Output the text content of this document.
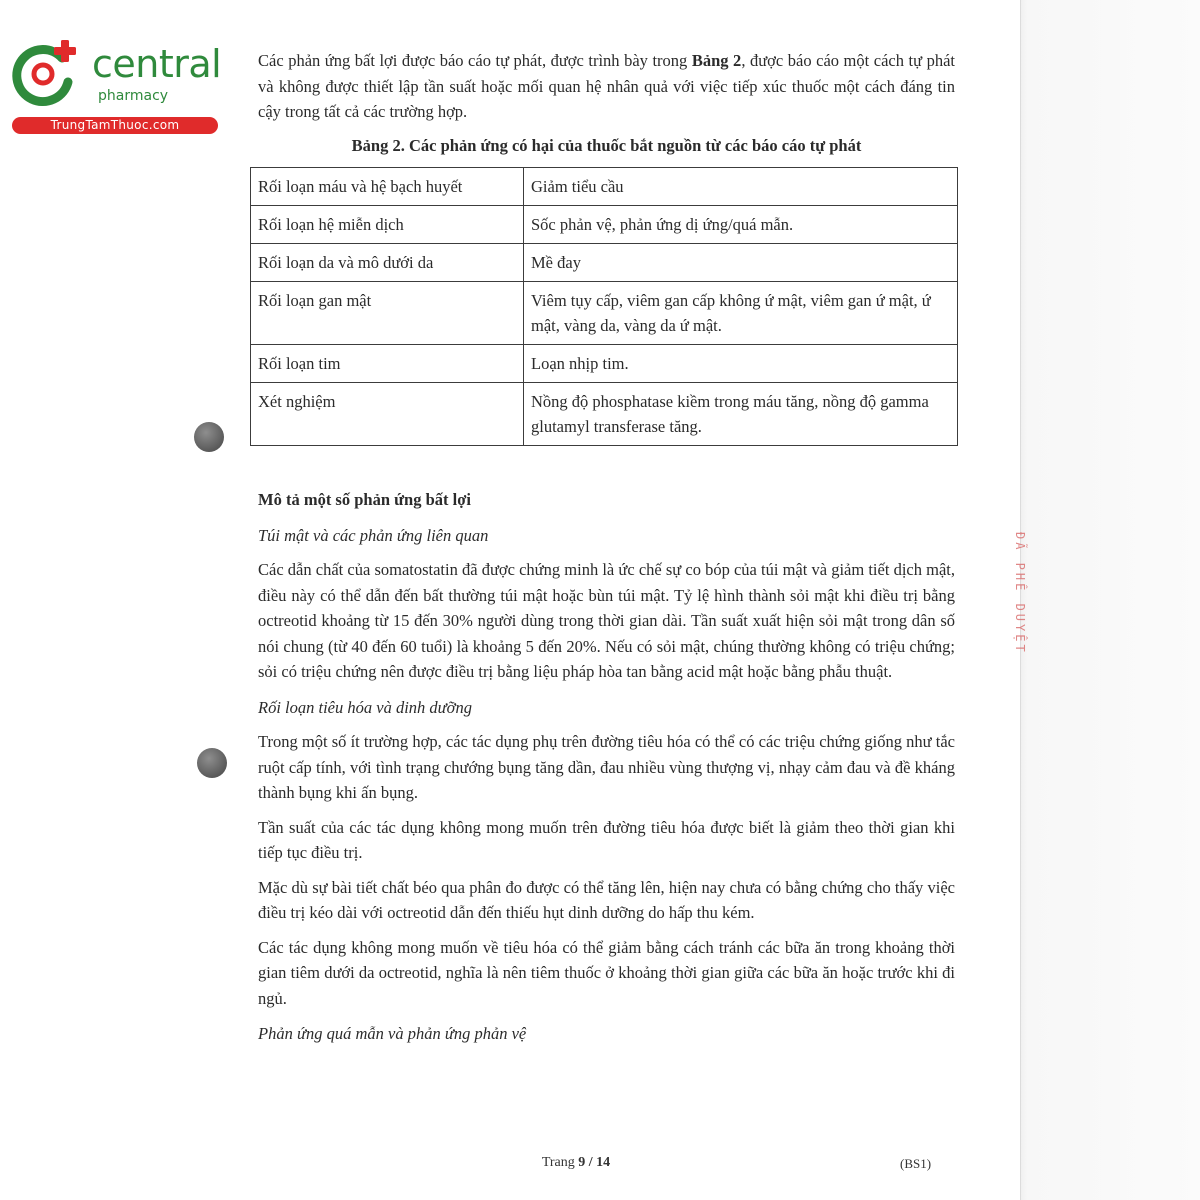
central

pharmacy
TrungTamThuoc.com

Các phản ứng bất lợi được báo cáo tự phát, được trình bày trong Bảng 2, được báo cáo một cách tự phát và không được thiết lập tần suất hoặc mối quan hệ nhân quả với việc tiếp xúc thuốc một cách đáng tin cậy trong tất cả các trường hợp.

Bảng 2. Các phản ứng có hại của thuốc bắt nguồn từ các báo cáo tự phát

Rối loạn máu và hệ bạch huyết	Giảm tiểu cầu
Rối loạn hệ miễn dịch	Sốc phản vệ, phản ứng dị ứng/quá mẫn.
Rối loạn da và mô dưới da	Mề đay
Rối loạn gan mật	Viêm tụy cấp, viêm gan cấp không ứ mật, viêm gan ứ mật, ứ mật, vàng da, vàng da ứ mật.
Rối loạn tim	Loạn nhịp tim.
Xét nghiệm	Nồng độ phosphatase kiềm trong máu tăng, nồng độ gamma glutamyl transferase tăng.

Mô tả một số phản ứng bất lợi

Túi mật và các phản ứng liên quan

Các dẫn chất của somatostatin đã được chứng minh là ức chế sự co bóp của túi mật và giảm tiết dịch mật, điều này có thể dẫn đến bất thường túi mật hoặc bùn túi mật. Tỷ lệ hình thành sỏi mật khi điều trị bằng octreotid khoảng từ 15 đến 30% người dùng trong thời gian dài. Tần suất xuất hiện sỏi mật trong dân số nói chung (từ 40 đến 60 tuổi) là khoảng 5 đến 20%. Nếu có sỏi mật, chúng thường không có triệu chứng; sỏi có triệu chứng nên được điều trị bằng liệu pháp hòa tan bằng acid mật hoặc bằng phẫu thuật.

Rối loạn tiêu hóa và dinh dưỡng

Trong một số ít trường hợp, các tác dụng phụ trên đường tiêu hóa có thể có các triệu chứng giống như tắc ruột cấp tính, với tình trạng chướng bụng tăng dần, đau nhiều vùng thượng vị, nhạy cảm đau và đề kháng thành bụng khi ấn bụng.

Tần suất của các tác dụng không mong muốn trên đường tiêu hóa được biết là giảm theo thời gian khi tiếp tục điều trị.

Mặc dù sự bài tiết chất béo qua phân đo được có thể tăng lên, hiện nay chưa có bằng chứng cho thấy việc điều trị kéo dài với octreotid dẫn đến thiếu hụt dinh dưỡng do hấp thu kém.

Các tác dụng không mong muốn về tiêu hóa có thể giảm bằng cách tránh các bữa ăn trong khoảng thời gian tiêm dưới da octreotid, nghĩa là nên tiêm thuốc ở khoảng thời gian giữa các bữa ăn hoặc trước khi đi ngủ.

Phản ứng quá mẫn và phản ứng phản vệ

Trang 9 / 14	(BS1)
ĐÃ PHÊ DUYỆT
